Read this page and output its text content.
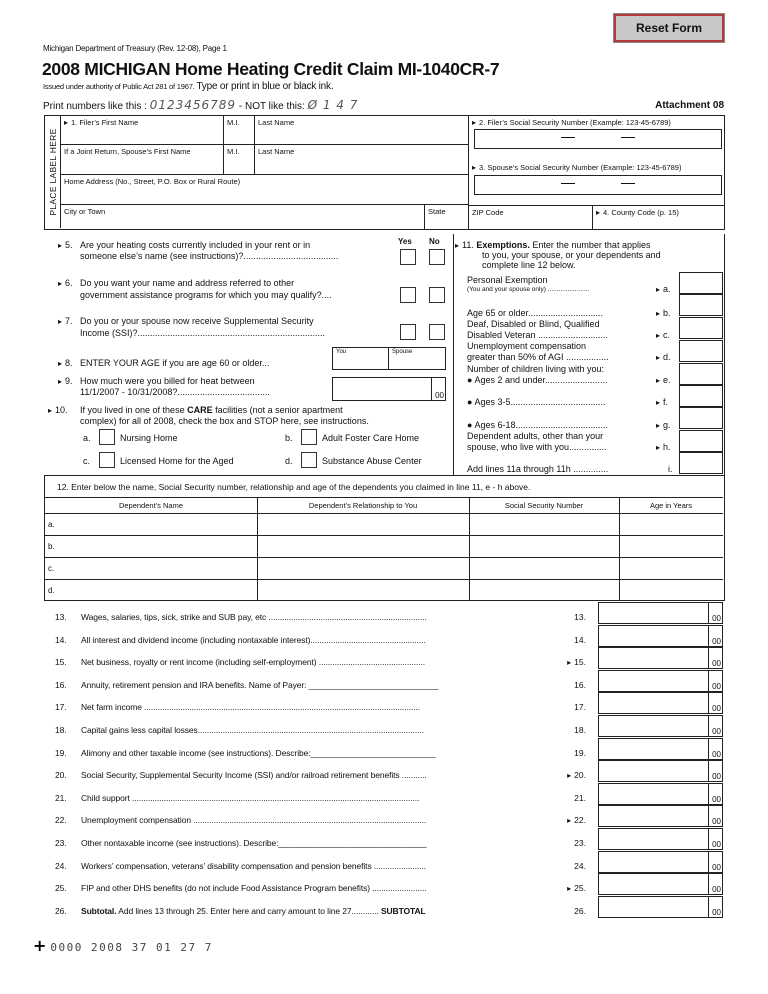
Reset Form
Michigan Department of Treasury (Rev. 12-08), Page 1
2008 MICHIGAN Home Heating Credit Claim MI-1040CR-7
Issued under authority of Public Act 281 of 1967. Type or print in blue or black ink.
Print numbers like this : 0123456789 - NOT like this: Ø 1 4 7	Attachment 08
PLACE LABEL HERE
▸ 1. Filer’s First Name	M.I.	Last Name
If a Joint Return, Spouse’s First Name	M.I.	Last Name
Home Address (No., Street, P.O. Box or Rural Route)
City or Town	State	ZIP Code	▸ 4. County Code (p. 15)
▸ 2. Filer’s Social Security Number (Example: 123-45-6789)
▸ 3. Spouse’s Social Security Number (Example: 123-45-6789)
Yes No
▸ 5. Are your heating costs currently included in your rent or in
someone else’s name (see instructions)?......................................
▸ 6. Do you want your name and address referred to other
government assistance programs for which you may qualify?....
▸ 7. Do you or your spouse now receive Supplemental Security
Income (SSI)?...........................................................................
You	Spouse
▸ 8. ENTER YOUR AGE if you are age 60 or older...
▸ 9. How much were you billed for heat between
11/1/2007 - 10/31/2008?.....................................	00
▸ 10. If you lived in one of these CARE facilities (not a senior apartment
complex) for all of 2008, check the box and STOP here, see instructions.
a.	Nursing Home	b.	Adult Foster Care Home
c.	Licensed Home for the Aged	d.	Substance Abuse Center
▸ 11. Exemptions. Enter the number that applies
to you, your spouse, or your dependents and
complete line 12 below.
Personal Exemption
(You and your spouse only) .......................	▸ a.
Age 65 or older..............................	▸ b.
Deaf, Disabled or Blind, Qualified
Disabled Veteran ............................	▸ c.
Unemployment compensation
greater than 50% of AGI .................	▸ d.
Number of children living with you:
● Ages 2 and under.........................	▸ e.
● Ages 3-5......................................	▸ f.
● Ages 6-18.....................................	▸ g.
Dependent adults, other than your
spouse, who live with you...............	▸ h.
Add lines 11a through 11h ..............	i.
12. Enter below the name, Social Security number, relationship and age of the dependents you claimed in line 11, e - h above.
Dependent’s Name	Dependent’s Relationship to You	Social Security Number	Age in Years
a.
b.
c.
d.
13. Wages, salaries, tips, sick, strike and SUB pay, etc ......................................................................	13.	00
14. All interest and dividend income (including nontaxable interest)...................................................	14.	00
15. Net business, royalty or rent income (including self-employment) ...............................................	▸ 15.	00
16. Annuity, retirement pension and IRA benefits. Name of Payer: ____________________________	16.	00
17. Net farm income ..........................................................................................................................	17.	00
18. Capital gains less capital losses....................................................................................................	18.	00
19. Alimony and other taxable income (see instructions). Describe:___________________________	19.	00
20. Social Security, Supplemental Security Income (SSI) and/or railroad retirement benefits ...........	▸ 20.	00
21. Child support ...............................................................................................................................	21.	00
22. Unemployment compensation .......................................................................................................	▸ 22.	00
23. Other nontaxable income (see instructions). Describe:________________________________	23.	00
24. Workers’ compensation, veterans’ disability compensation and pension benefits .......................	24.	00
25. FIP and other DHS benefits (do not include Food Assistance Program benefits) ........................	▸ 25.	00
26. Subtotal. Add lines 13 through 25. Enter here and carry amount to line 27............ SUBTOTAL	26.	00
+ 0000 2008 37 01 27 7
